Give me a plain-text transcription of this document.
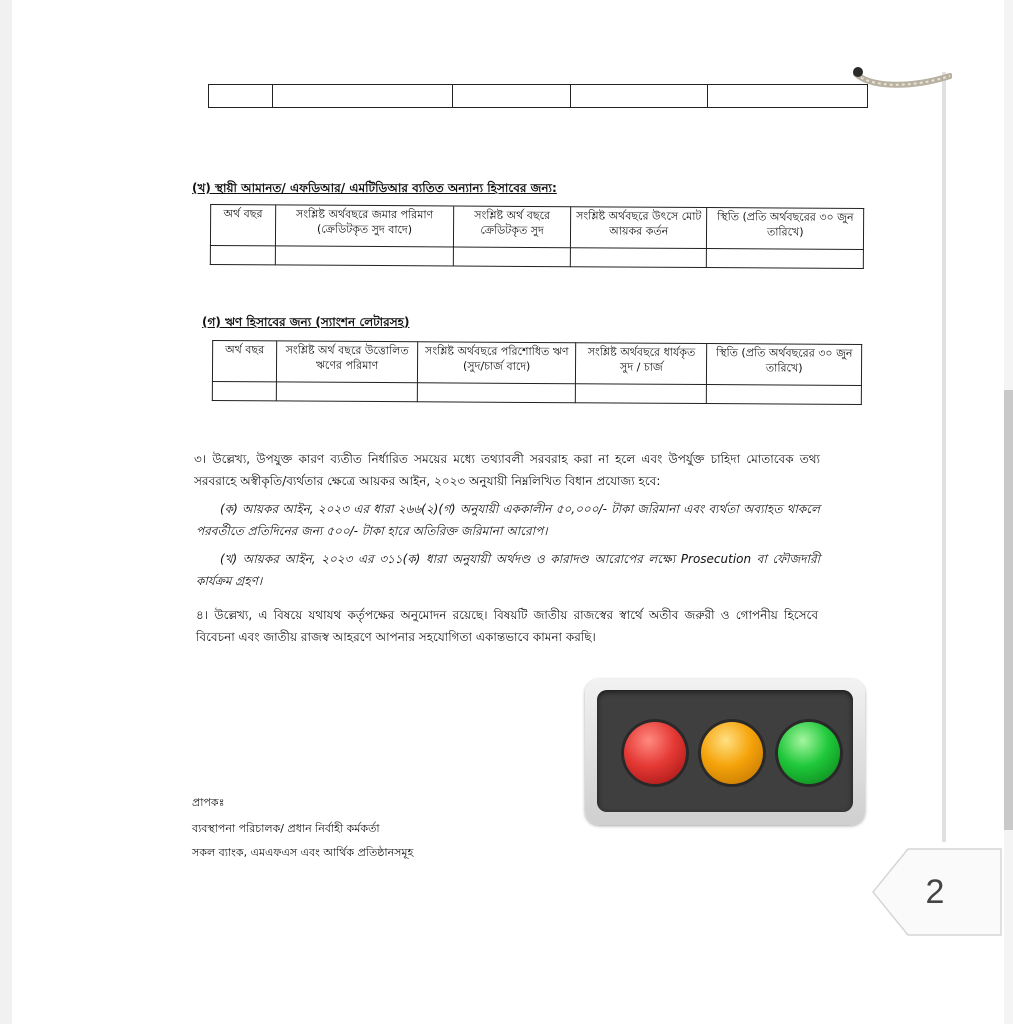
(খ) স্থায়ী আমানত/ এফডিআর/ এমটিডিআর ব্যতিত অন্যান্য হিসাবের জন্য:
অর্থ বছর	সংশ্লিষ্ট অর্থবছরে জমার পরিমাণ (ক্রেডিটকৃত সুদ বাদে)	সংশ্লিষ্ট অর্থ বছরে ক্রেডিটকৃত সুদ	সংশ্লিষ্ট অর্থবছরে উৎসে মোট আয়কর কর্তন	স্থিতি (প্রতি অর্থবছরের ৩০ জুন তারিখে)

(গ) ঋণ হিসাবের জন্য (স্যাংশন লেটারসহ)
অর্থ বছর	সংশ্লিষ্ট অর্থ বছরে উত্তোলিত ঋণের পরিমাণ	সংশ্লিষ্ট অর্থবছরে পরিশোধিত ঋণ (সুদ/চার্জ বাদে)	সংশ্লিষ্ট অর্থবছরে ধার্যকৃত সুদ / চার্জ	স্থিতি (প্রতি অর্থবছরের ৩০ জুন তারিখে)

৩। উল্লেখ্য, উপযুক্ত কারণ ব্যতীত নির্ধারিত সময়ের মধ্যে তথ্যাবলী সরবরাহ করা না হলে এবং উপর্যুক্ত চাহিদা মোতাবেক তথ্য সরবরাহে অস্বীকৃতি/ব্যর্থতার ক্ষেত্রে আয়কর আইন, ২০২৩ অনুযায়ী নিম্নলিখিত বিধান প্রযোজ্য হবে:
(ক) আয়কর আইন, ২০২৩ এর ধারা ২৬৬(২)(গ) অনুযায়ী এককালীন ৫০,০০০/- টাকা জরিমানা এবং ব্যর্থতা অব্যাহত থাকলে পরবর্তীতে প্রতিদিনের জন্য ৫০০/- টাকা হারে অতিরিক্ত জরিমানা আরোপ।
(খ) আয়কর আইন, ২০২৩ এর ৩১১(ক) ধারা অনুযায়ী অর্থদণ্ড ও কারাদণ্ড আরোপের লক্ষ্যে Prosecution বা ফৌজদারী কার্যক্রম গ্রহণ।
৪। উল্লেখ্য, এ বিষয়ে যথাযথ কর্তৃপক্ষের অনুমোদন রয়েছে। বিষয়টি জাতীয় রাজস্বের স্বার্থে অতীব জরুরী ও গোপনীয় হিসেবে বিবেচনা এবং জাতীয় রাজস্ব আহরণে আপনার সহযোগিতা একান্তভাবে কামনা করছি।
প্রাপকঃ
ব্যবস্থাপনা পরিচালক/ প্রধান নির্বাহী কর্মকর্তা
সকল ব্যাংক, এমএফএস এবং আর্থিক প্রতিষ্ঠানসমূহ
2
